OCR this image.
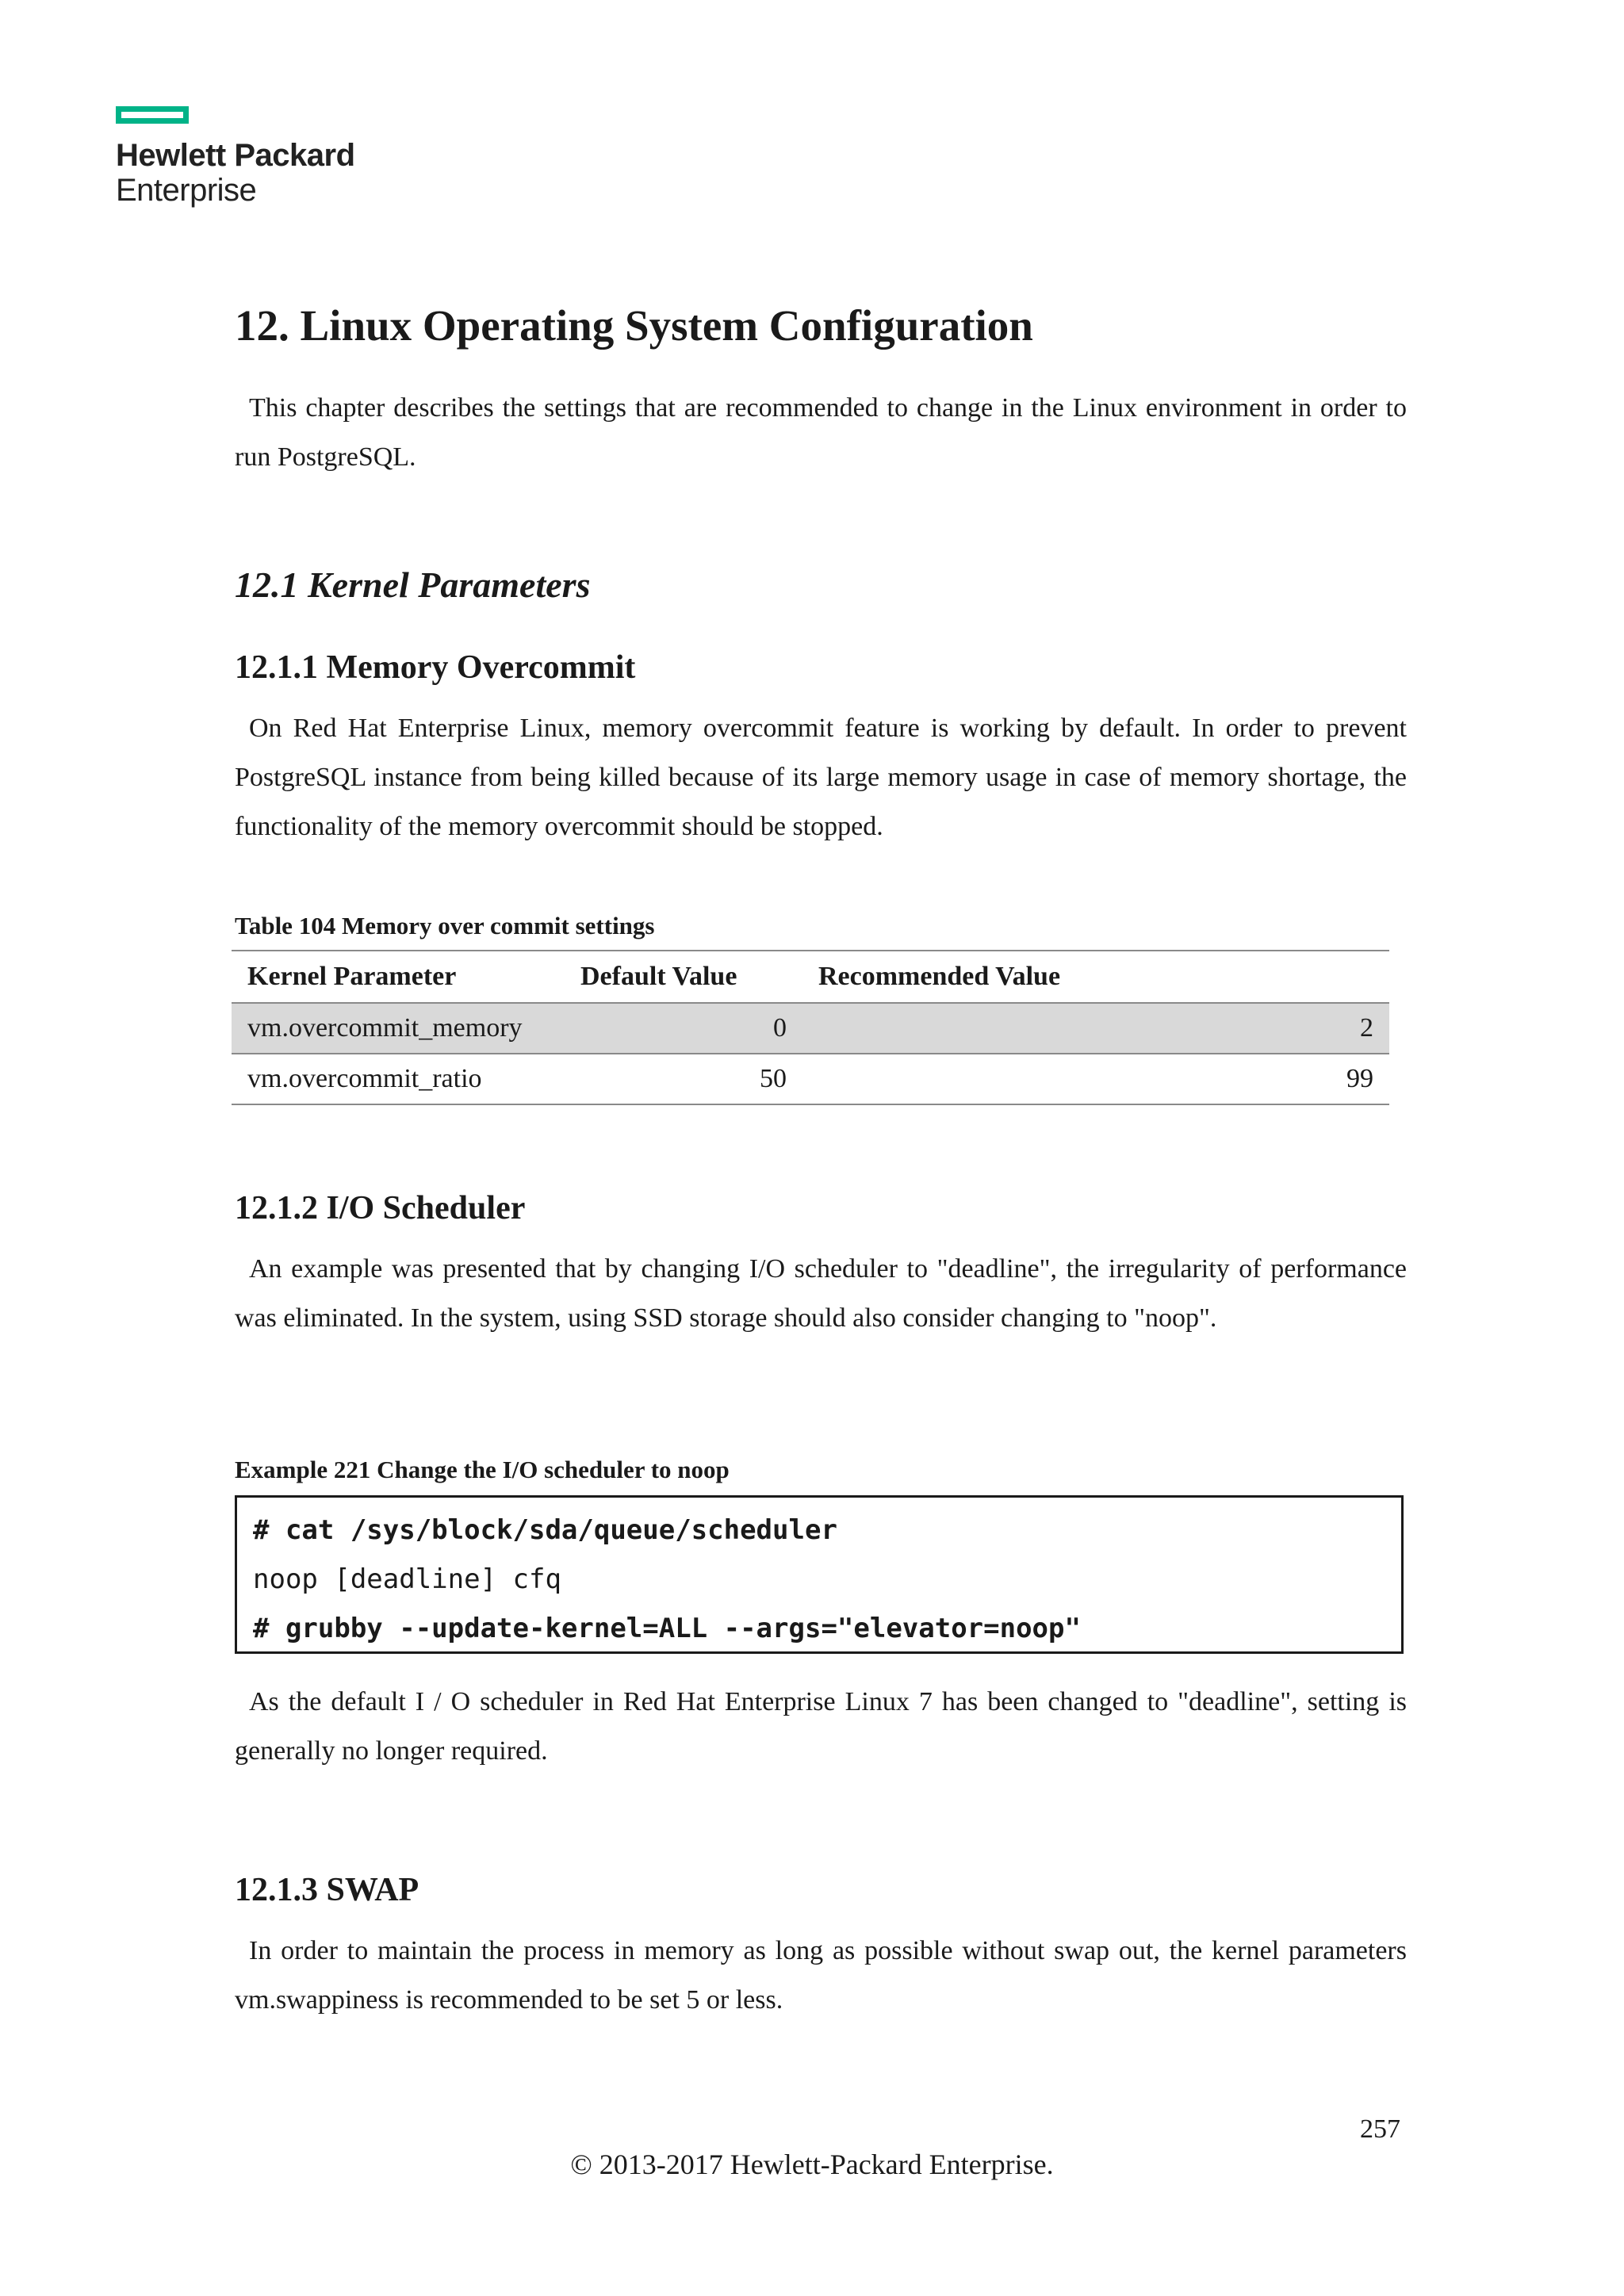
Hewlett Packard
Enterprise
12. Linux Operating System Configuration

This chapter describes the settings that are recommended to change in the Linux environment in order to run PostgreSQL.

12.1 Kernel Parameters
12.1.1 Memory Overcommit

On Red Hat Enterprise Linux, memory overcommit feature is working by default. In order to prevent PostgreSQL instance from being killed because of its large memory usage in case of memory shortage, the functionality of the memory overcommit should be stopped.

Table 104 Memory over commit settings

Kernel Parameter	Default Value	Recommended Value
vm.overcommit_memory	0	2
vm.overcommit_ratio	50	99
12.1.2 I/O Scheduler

An example was presented that by changing I/O scheduler to "deadline", the irregularity of performance was eliminated. In the system, using SSD storage should also consider changing to "noop".

Example 221 Change the I/O scheduler to noop

# cat /sys/block/sda/queue/scheduler
noop [deadline] cfq
# grubby --update-kernel=ALL --args="elevator=noop"

As the default I / O scheduler in Red Hat Enterprise Linux 7 has been changed to "deadline", setting is generally no longer required.

12.1.3 SWAP

In order to maintain the process in memory as long as possible without swap out, the kernel parameters vm.swappiness is recommended to be set 5 or less.

257
© 2013-2017 Hewlett-Packard Enterprise.
